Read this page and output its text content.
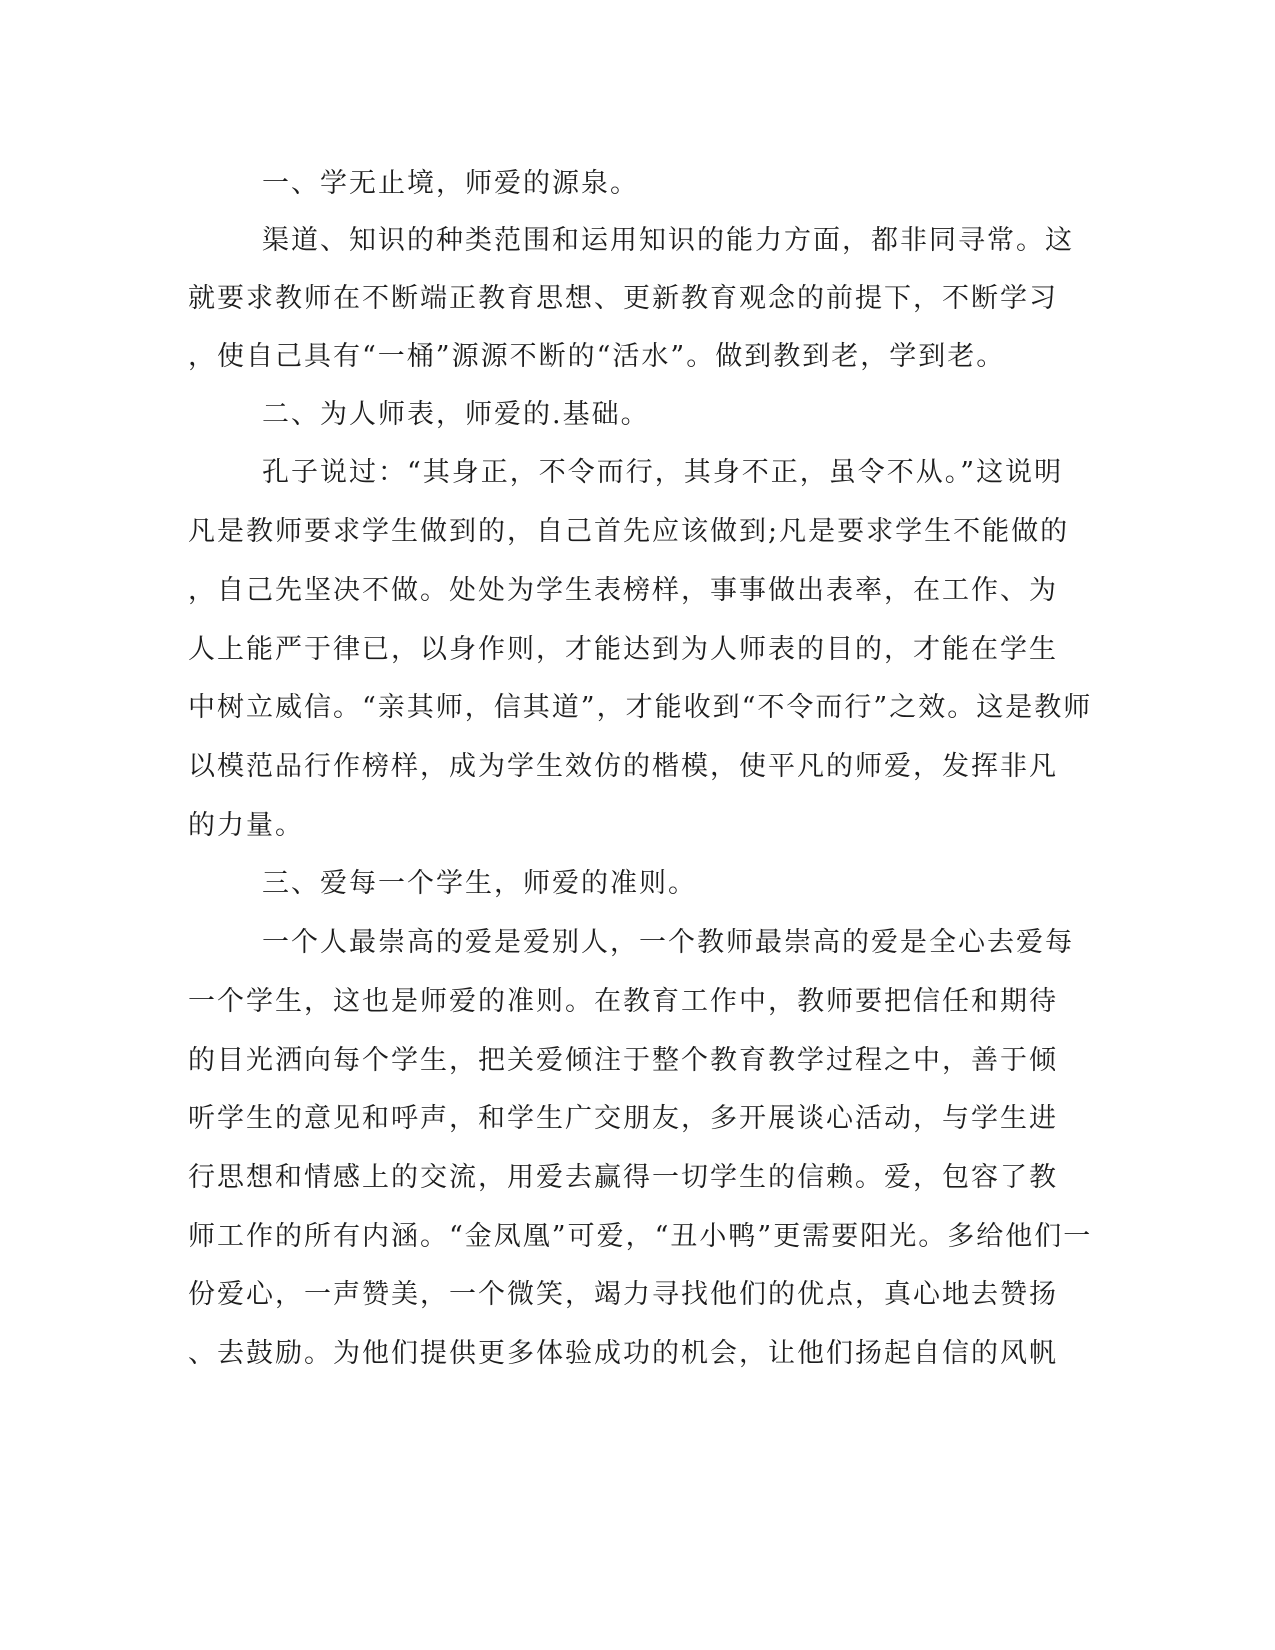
一、学无止境，师爱的源泉。
渠道、知识的种类范围和运用知识的能力方面，都非同寻常。这
就要求教师在不断端正教育思想、更新教育观念的前提下，不断学习
，使自己具有“一桶”源源不断的“活水”。做到教到老，学到老。
二、为人师表，师爱的.基础。
孔子说过：“其身正，不令而行，其身不正，虽令不从。”这说明
凡是教师要求学生做到的，自己首先应该做到;凡是要求学生不能做的
，自己先坚决不做。处处为学生表榜样，事事做出表率，在工作、为
人上能严于律已，以身作则，才能达到为人师表的目的，才能在学生
中树立威信。“亲其师，信其道”，才能收到“不令而行”之效。这是教师
以模范品行作榜样，成为学生效仿的楷模，使平凡的师爱，发挥非凡
的力量。
三、爱每一个学生，师爱的准则。
一个人最崇高的爱是爱别人，一个教师最崇高的爱是全心去爱每
一个学生，这也是师爱的准则。在教育工作中，教师要把信任和期待
的目光洒向每个学生，把关爱倾注于整个教育教学过程之中，善于倾
听学生的意见和呼声，和学生广交朋友，多开展谈心活动，与学生进
行思想和情感上的交流，用爱去赢得一切学生的信赖。爱，包容了教
师工作的所有内涵。“金凤凰”可爱，“丑小鸭”更需要阳光。多给他们一
份爱心，一声赞美，一个微笑，竭力寻找他们的优点，真心地去赞扬
、去鼓励。为他们提供更多体验成功的机会，让他们扬起自信的风帆
